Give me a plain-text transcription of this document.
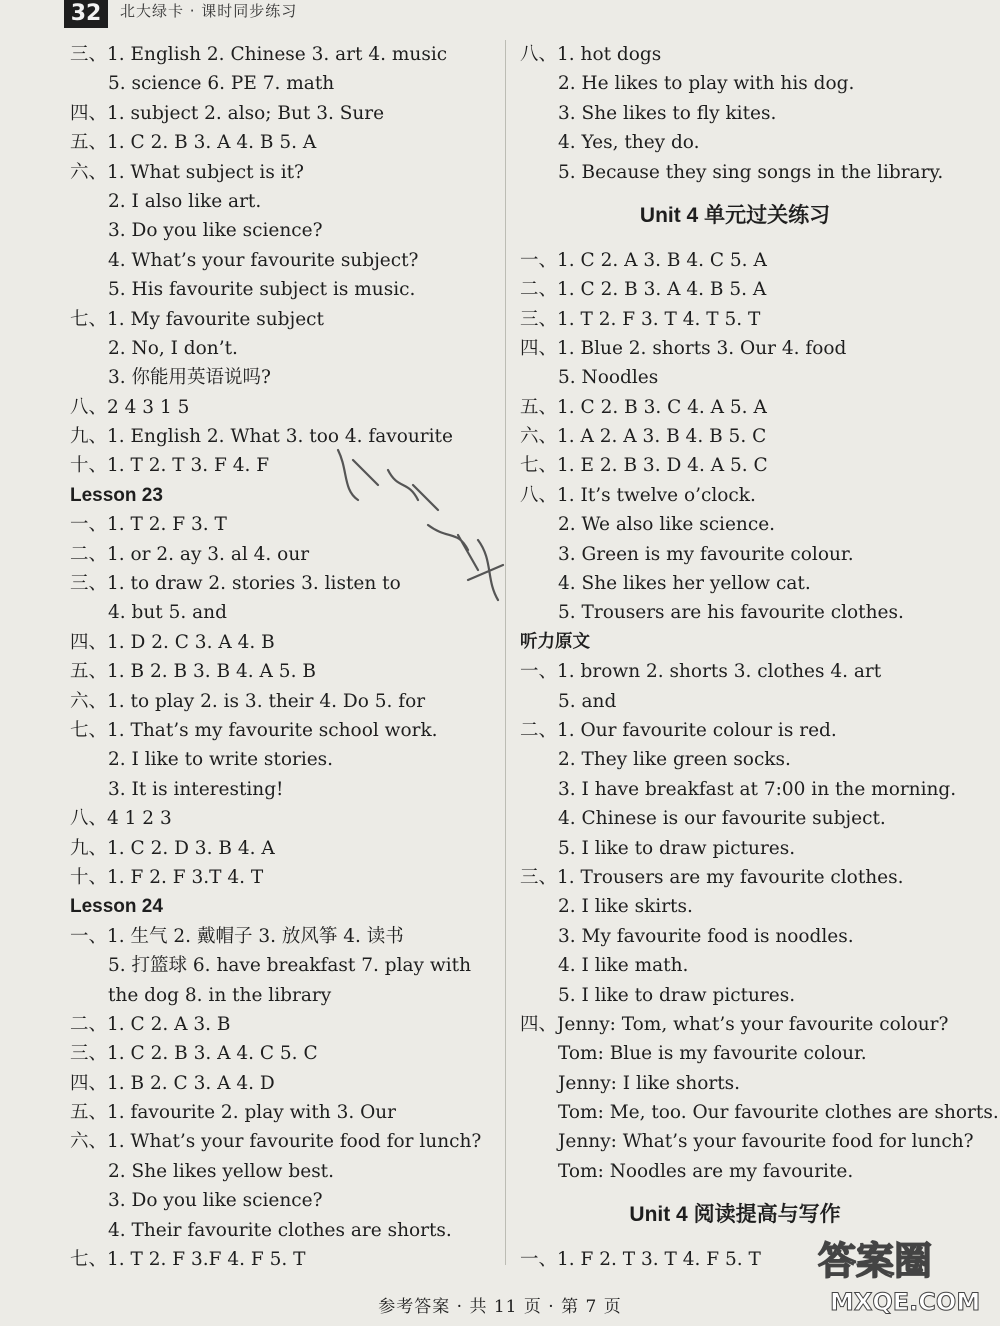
32	北大绿卡 · 课时同步练习
三、1. English 2. Chinese 3. art 4. music
5. science 6. PE 7. math
四、1. subject 2. also; But 3. Sure
五、1. C 2. B 3. A 4. B 5. A
六、1. What subject is it?
2. I also like art.
3. Do you like science?
4. What’s your favourite subject?
5. His favourite subject is music.
七、1. My favourite subject
2. No, I don’t.
3. 你能用英语说吗?
八、2 4 3 1 5
九、1. English 2. What 3. too 4. favourite
十、1. T 2. T 3. F 4. F
Lesson 23
一、1. T 2. F 3. T
二、1. or 2. ay 3. al 4. our
三、1. to draw 2. stories 3. listen to
4. but 5. and
四、1. D 2. C 3. A 4. B
五、1. B 2. B 3. B 4. A 5. B
六、1. to play 2. is 3. their 4. Do 5. for
七、1. That’s my favourite school work.
2. I like to write stories.
3. It is interesting!
八、4 1 2 3
九、1. C 2. D 3. B 4. A
十、1. F 2. F 3.T 4. T
Lesson 24
一、1. 生气 2. 戴帽子 3. 放风筝 4. 读书
5. 打篮球 6. have breakfast 7. play with
the dog 8. in the library
二、1. C 2. A 3. B
三、1. C 2. B 3. A 4. C 5. C
四、1. B 2. C 3. A 4. D
五、1. favourite 2. play with 3. Our
六、1. What’s your favourite food for lunch?
2. She likes yellow best.
3. Do you like science?
4. Their favourite clothes are shorts.
七、1. T 2. F 3.F 4. F 5. T
八、1. hot dogs
2. He likes to play with his dog.
3. She likes to fly kites.
4. Yes, they do.
5. Because they sing songs in the library.
Unit 4 单元过关练习
一、1. C 2. A 3. B 4. C 5. A
二、1. C 2. B 3. A 4. B 5. A
三、1. T 2. F 3. T 4. T 5. T
四、1. Blue 2. shorts 3. Our 4. food
5. Noodles
五、1. C 2. B 3. C 4. A 5. A
六、1. A 2. A 3. B 4. B 5. C
七、1. E 2. B 3. D 4. A 5. C
八、1. It’s twelve o’clock.
2. We also like science.
3. Green is my favourite colour.
4. She likes her yellow cat.
5. Trousers are his favourite clothes.
听力原文
一、1. brown 2. shorts 3. clothes 4. art
5. and
二、1. Our favourite colour is red.
2. They like green socks.
3. I have breakfast at 7:00 in the morning.
4. Chinese is our favourite subject.
5. I like to draw pictures.
三、1. Trousers are my favourite clothes.
2. I like skirts.
3. My favourite food is noodles.
4. I like math.
5. I like to draw pictures.
四、Jenny: Tom, what’s your favourite colour?
Tom: Blue is my favourite colour.
Jenny: I like shorts.
Tom: Me, too. Our favourite clothes are shorts.
Jenny: What’s your favourite food for lunch?
Tom: Noodles are my favourite.
Unit 4 阅读提高与写作
一、1. F 2. T 3. T 4. F 5. T
参考答案 · 共 11 页 · 第 7 页
答案圈
MXQE.COM
